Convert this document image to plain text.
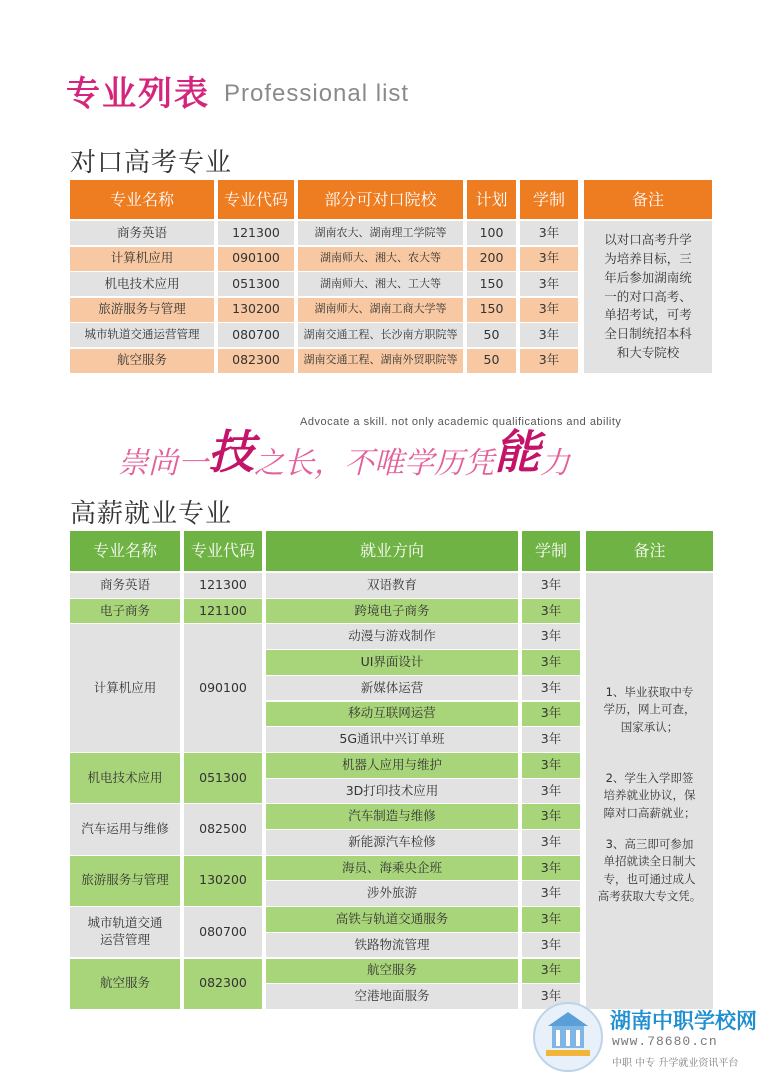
专业列表 Professional list
对口高考专业
专业名称	专业代码	部分可对口院校	计划	学制	备注
商务英语	121300	湖南农大、湖南理工学院等	100	3年
计算机应用	090100	湖南师大、湘大、农大等	200	3年
机电技术应用	051300	湖南师大、湘大、工大等	150	3年
旅游服务与管理	130200	湖南师大、湖南工商大学等	150	3年
城市轨道交通运营管理	080700	湖南交通工程、长沙南方职院等	50	3年
航空服务	082300	湖南交通工程、湖南外贸职院等	50	3年
以对口高考升学
为培养目标，三
年后参加湖南统
一的对口高考、
单招考试，可考
全日制统招本科
和大专院校
Advocate a skill. not only academic qualifications and ability
崇尚一 技 之长，不唯学历凭 能 力
高薪就业专业
专业名称	专业代码	就业方向	学制	备注
商务英语	121300	双语教育	3年
电子商务	121100	跨境电子商务	3年
计算机应用	090100
动漫与游戏制作	3年
UI界面设计	3年
新媒体运营	3年
移动互联网运营	3年
5G通讯中兴订单班	3年
机电技术应用	051300
机器人应用与维护	3年
3D打印技术应用	3年
汽车运用与维修	082500
汽车制造与维修	3年
新能源汽车检修	3年
旅游服务与管理	130200
海员、海乘央企班	3年
涉外旅游	3年
城市轨道交通
运营管理
080700
高铁与轨道交通服务	3年
铁路物流管理	3年
航空服务	082300
航空服务	3年
空港地面服务	3年
1、毕业获取中专
学历，网上可查，
国家承认；
2、学生入学即签
培养就业协议，保
障对口高薪就业；
3、高三即可参加
单招就读全日制大
专，也可通过成人
高考获取大专文凭。
湖南中职学校网
www.78680.cn
中职 中专 升学就业资讯平台
